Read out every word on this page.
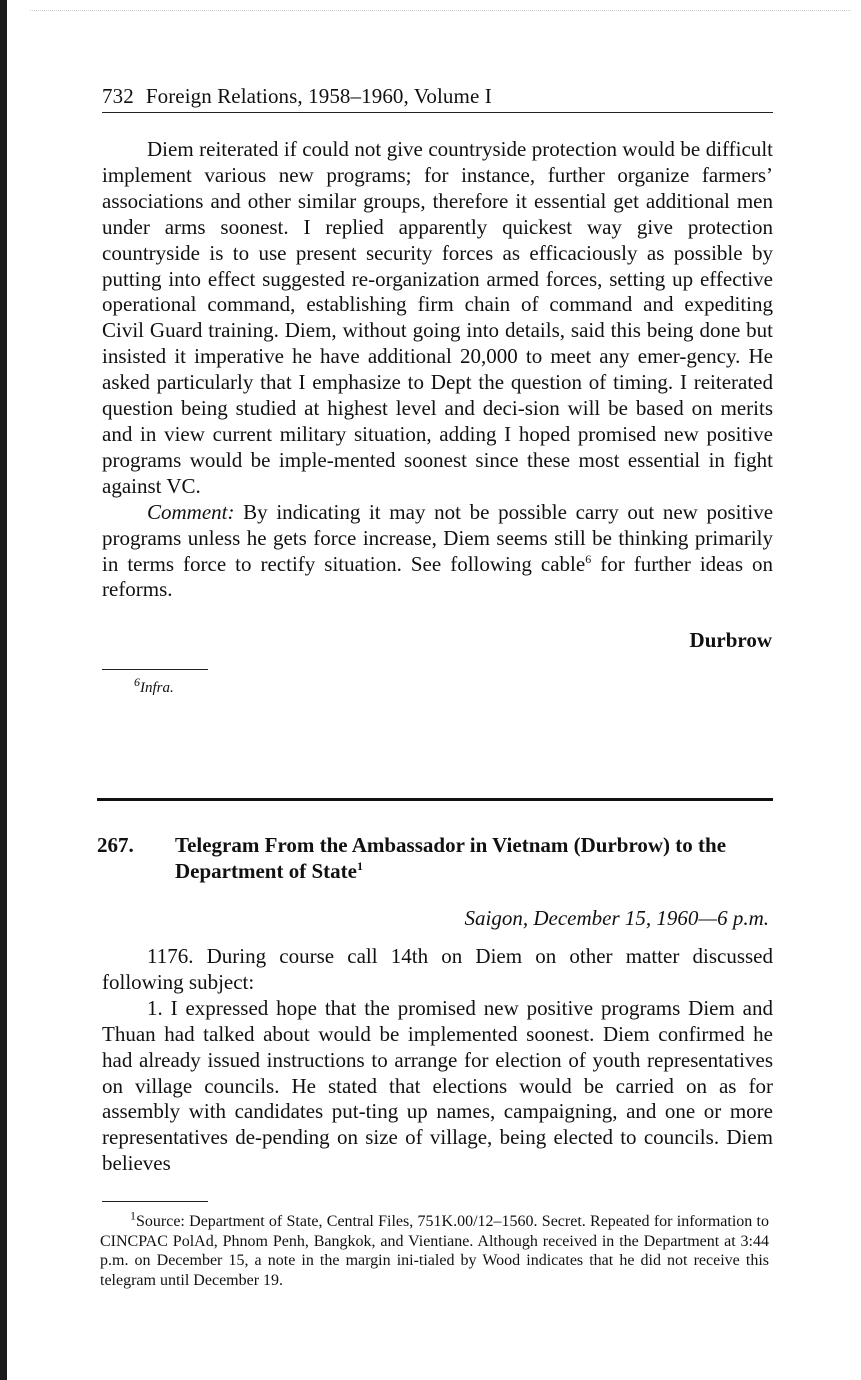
732 Foreign Relations, 1958–1960, Volume I

Diem reiterated if could not give countryside protection would be difficult implement various new programs; for instance, further organize farmers’ associations and other similar groups, therefore it essential get additional men under arms soonest. I replied apparently quickest way give protection countryside is to use present security forces as efficaciously as possible by putting into effect suggested re-organization armed forces, setting up effective operational command, establishing firm chain of command and expediting Civil Guard training. Diem, without going into details, said this being done but insisted it imperative he have additional 20,000 to meet any emer-gency. He asked particularly that I emphasize to Dept the question of timing. I reiterated question being studied at highest level and deci-sion will be based on merits and in view current military situation, adding I hoped promised new positive programs would be imple-mented soonest since these most essential in fight against VC.

Comment: By indicating it may not be possible carry out new positive programs unless he gets force increase, Diem seems still be thinking primarily in terms force to rectify situation. See following cable$^6$ for further ideas on reforms.

Durbrow
$^6$Infra.
267. Telegram From the Ambassador in Vietnam (Durbrow) to the Department of State$^1$
Saigon, December 15, 1960—6 p.m.

1176. During course call 14th on Diem on other matter discussed following subject:

1. I expressed hope that the promised new positive programs Diem and Thuan had talked about would be implemented soonest. Diem confirmed he had already issued instructions to arrange for election of youth representatives on village councils. He stated that elections would be carried on as for assembly with candidates put-ting up names, campaigning, and one or more representatives de-pending on size of village, being elected to councils. Diem believes

$^1$Source: Department of State, Central Files, 751K.00/12–1560. Secret. Repeated for information to CINCPAC PolAd, Phnom Penh, Bangkok, and Vientiane. Although received in the Department at 3:44 p.m. on December 15, a note in the margin ini-tialed by Wood indicates that he did not receive this telegram until December 19.
